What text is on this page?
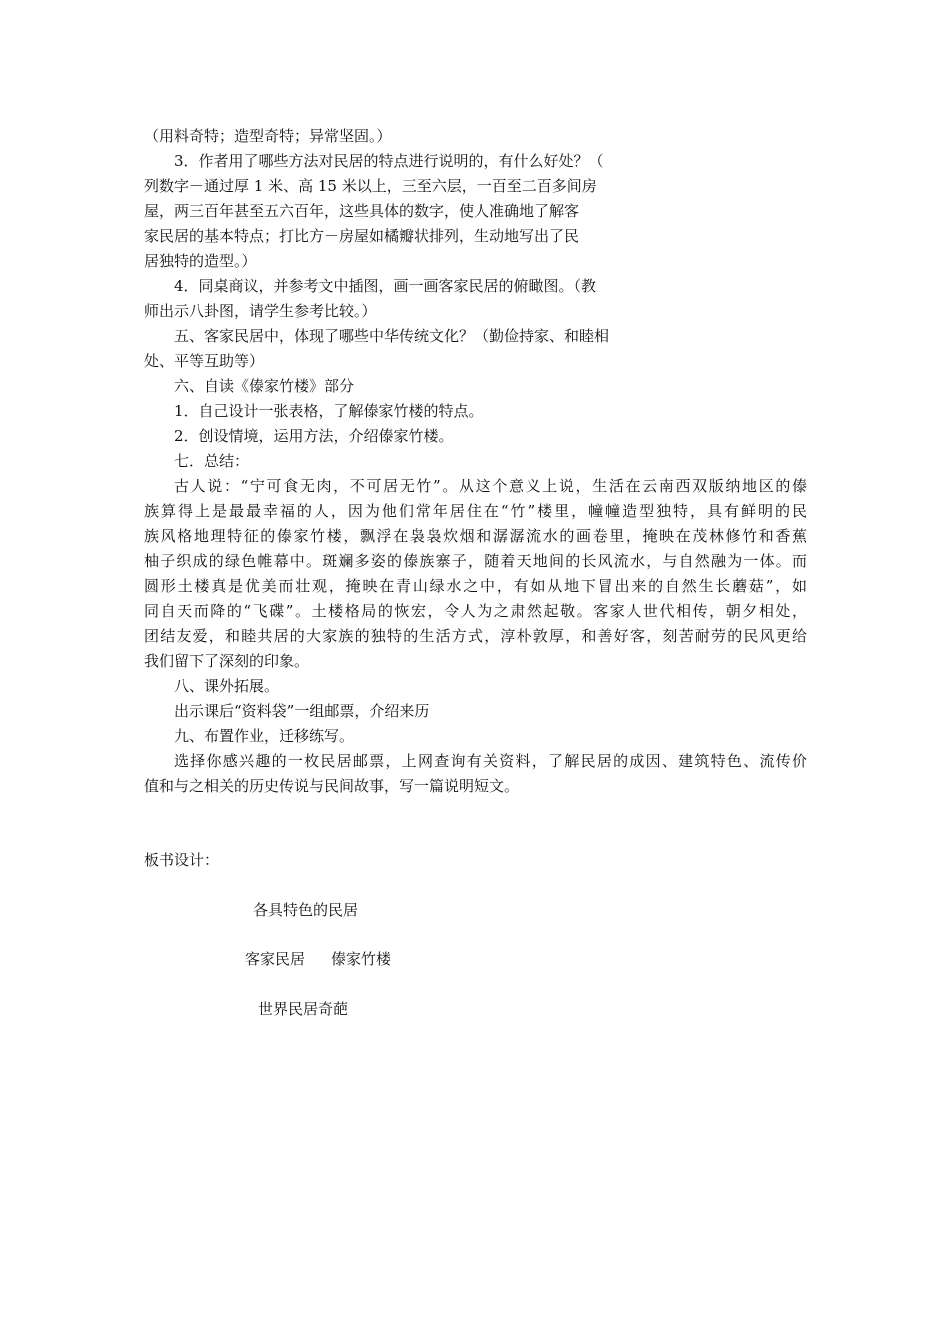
（用料奇特；造型奇特；异常坚固。）
3．作者用了哪些方法对民居的特点进行说明的，有什么好处？（
列数字－通过厚 1 米、高 15 米以上，三至六层，一百至二百多间房
屋，两三百年甚至五六百年，这些具体的数字，使人准确地了解客
家民居的基本特点；打比方－房屋如橘瓣状排列，生动地写出了民
居独特的造型。）
4．同桌商议，并参考文中插图，画一画客家民居的俯瞰图。（教
师出示八卦图，请学生参考比较。）
五、客家民居中，体现了哪些中华传统文化？（勤俭持家、和睦相
处、平等互助等）
六、自读《傣家竹楼》部分
1．自己设计一张表格，了解傣家竹楼的特点。
2．创设情境，运用方法，介绍傣家竹楼。
七．总结：
古人说：“宁可食无肉，不可居无竹”。从这个意义上说，生活在云南西双版纳地区的傣
族算得上是最最幸福的人，因为他们常年居住在“竹”楼里，幢幢造型独特，具有鲜明的民
族风格地理特征的傣家竹楼，飘浮在袅袅炊烟和潺潺流水的画卷里，掩映在茂林修竹和香蕉
柚子织成的绿色帷幕中。斑斓多姿的傣族寨子，随着天地间的长风流水，与自然融为一体。而
圆形土楼真是优美而壮观，掩映在青山绿水之中，有如从地下冒出来的自然生长蘑菇”，如
同自天而降的“飞碟”。土楼格局的恢宏，令人为之肃然起敬。客家人世代相传，朝夕相处，
团结友爱，和睦共居的大家族的独特的生活方式，淳朴敦厚，和善好客，刻苦耐劳的民风更给
我们留下了深刻的印象。
八、课外拓展。
出示课后“资料袋”一组邮票，介绍来历
九、布置作业，迁移练写。
选择你感兴趣的一枚民居邮票，上网查询有关资料，了解民居的成因、建筑特色、流传价
值和与之相关的历史传说与民间故事，写一篇说明短文。
板书设计：
各具特色的民居
客家民居 傣家竹楼
世界民居奇葩
